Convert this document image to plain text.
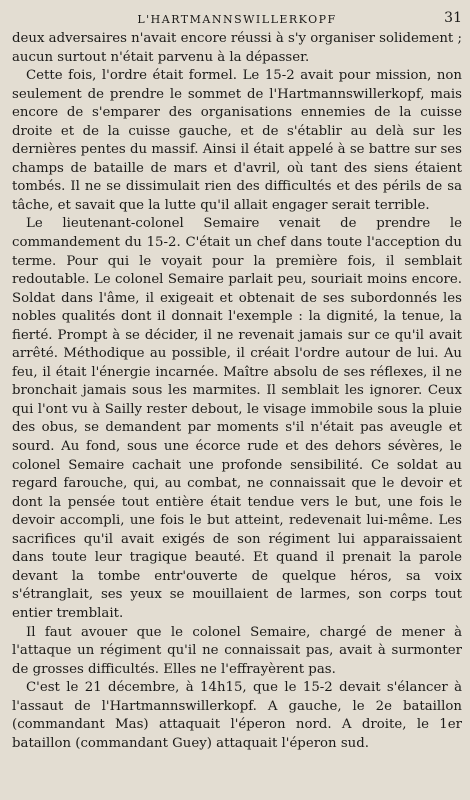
L'HARTMANNSWILLERKOPF	31

deux adversaires n'avait encore réussi à s'y organiser solidement ; aucun surtout n'était parvenu à la dépasser.

Cette fois, l'ordre était formel. Le 15-2 avait pour mission, non seulement de prendre le sommet de l'Hartmannswillerkopf, mais encore de s'emparer des organisations ennemies de la cuisse droite et de la cuisse gauche, et de s'établir au delà sur les dernières pentes du massif. Ainsi il était appelé à se battre sur ses champs de bataille de mars et d'avril, où tant des siens étaient tombés. Il ne se dissimulait rien des difficultés et des périls de sa tâche, et savait que la lutte qu'il allait engager serait terrible.

Le lieutenant-colonel Semaire venait de prendre le commandement du 15-2. C'était un chef dans toute l'acception du terme. Pour qui le voyait pour la première fois, il semblait redoutable. Le colonel Semaire parlait peu, souriait moins encore. Soldat dans l'âme, il exigeait et obtenait de ses subordonnés les nobles qualités dont il donnait l'exemple : la dignité, la tenue, la fierté. Prompt à se décider, il ne revenait jamais sur ce qu'il avait arrêté. Méthodique au possible, il créait l'ordre autour de lui. Au feu, il était l'énergie incarnée. Maître absolu de ses réflexes, il ne bronchait jamais sous les marmites. Il semblait les ignorer. Ceux qui l'ont vu à Sailly rester debout, le visage immobile sous la pluie des obus, se demandent par moments s'il n'était pas aveugle et sourd. Au fond, sous une écorce rude et des dehors sévères, le colonel Semaire cachait une profonde sensibilité. Ce soldat au regard farouche, qui, au combat, ne connaissait que le devoir et dont la pensée tout entière était tendue vers le but, une fois le devoir accompli, une fois le but atteint, redevenait lui-même. Les sacrifices qu'il avait exigés de son régiment lui apparaissaient dans toute leur tragique beauté. Et quand il prenait la parole devant la tombe entr'ouverte de quelque héros, sa voix s'étranglait, ses yeux se mouillaient de larmes, son corps tout entier tremblait.

Il faut avouer que le colonel Semaire, chargé de mener à l'attaque un régiment qu'il ne connaissait pas, avait à surmonter de grosses difficultés. Elles ne l'effrayèrent pas.

C'est le 21 décembre, à 14h15, que le 15-2 devait s'élancer à l'assaut de l'Hartmannswillerkopf. A gauche, le 2e bataillon (commandant Mas) attaquait l'éperon nord. A droite, le 1er bataillon (commandant Guey) attaquait l'éperon sud.
